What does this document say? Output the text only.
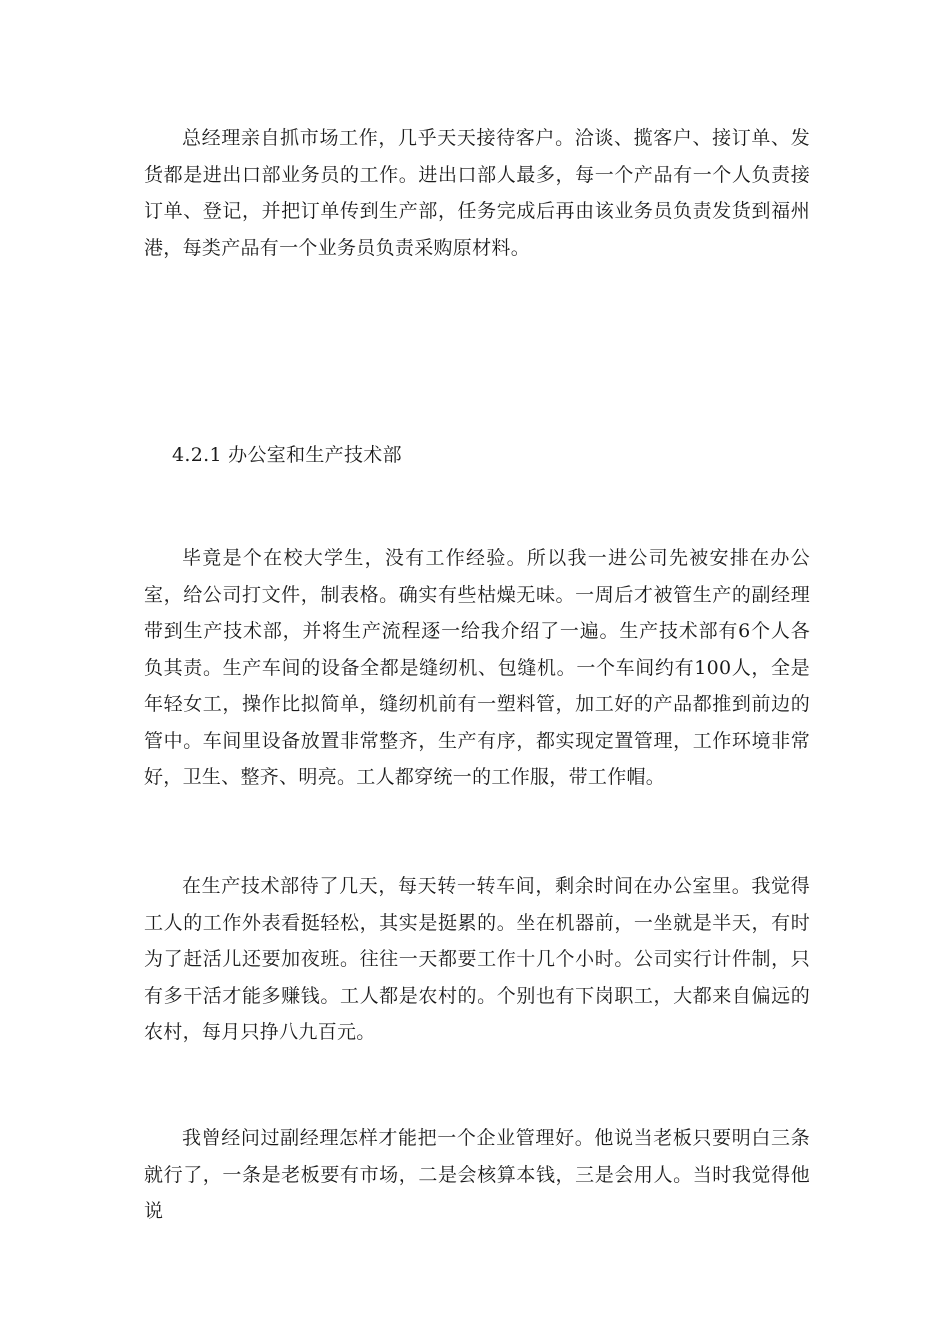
总经理亲自抓市场工作，几乎天天接待客户。洽谈、揽客户、接订单、发货都是进出口部业务员的工作。进出口部人最多，每一个产品有一个人负责接订单、登记，并把订单传到生产部，任务完成后再由该业务员负责发货到福州港，每类产品有一个业务员负责采购原材料。

4.2.1 办公室和生产技术部

毕竟是个在校大学生，没有工作经验。所以我一进公司先被安排在办公室，给公司打文件，制表格。确实有些枯燥无味。一周后才被管生产的副经理带到生产技术部，并将生产流程逐一给我介绍了一遍。生产技术部有6个人各负其责。生产车间的设备全都是缝纫机、包缝机。一个车间约有100人，全是年轻女工，操作比拟简单，缝纫机前有一塑料管，加工好的产品都推到前边的管中。车间里设备放置非常整齐，生产有序，都实现定置管理，工作环境非常好，卫生、整齐、明亮。工人都穿统一的工作服，带工作帽。

在生产技术部待了几天，每天转一转车间，剩余时间在办公室里。我觉得工人的工作外表看挺轻松，其实是挺累的。坐在机器前，一坐就是半天，有时为了赶活儿还要加夜班。往往一天都要工作十几个小时。公司实行计件制，只有多干活才能多赚钱。工人都是农村的。个别也有下岗职工，大都来自偏远的农村，每月只挣八九百元。

我曾经问过副经理怎样才能把一个企业管理好。他说当老板只要明白三条就行了，一条是老板要有市场，二是会核算本钱，三是会用人。当时我觉得他说
